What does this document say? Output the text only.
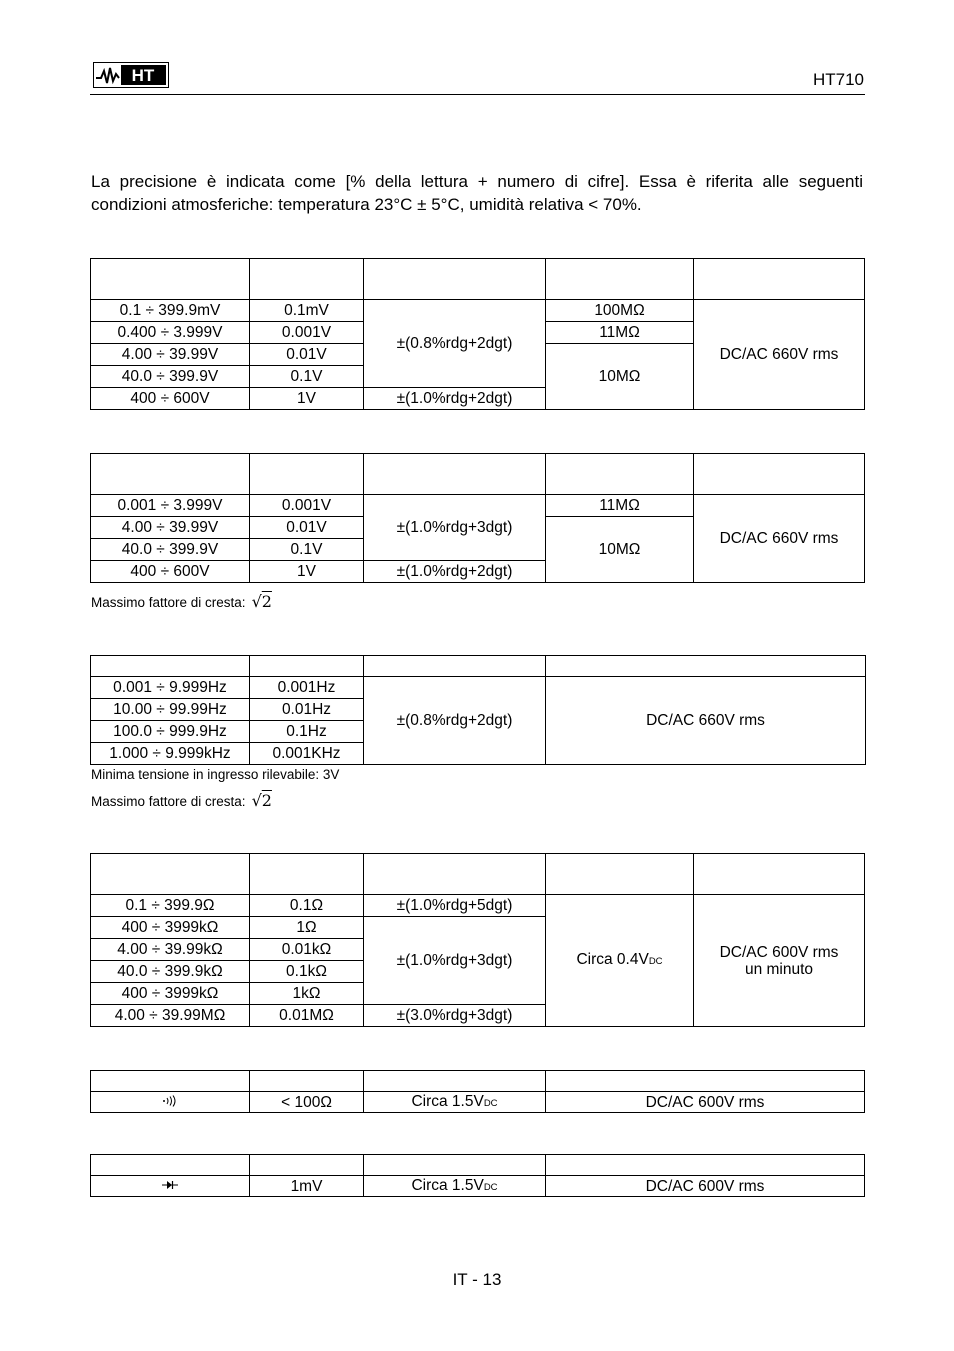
HT	HT710
La precisione è indicata come [% della lettura + numero di cifre]. Essa è riferita alle seguenti condizioni atmosferiche: temperatura 23°C ± 5°C, umidità relativa < 70%.

0.1 ÷ 399.9mV	0.1mV	±(0.8%rdg+2dgt)	100MΩ	DC/AC 660V rms
0.400 ÷ 3.999V	0.001V		11MΩ	
4.00 ÷ 39.99V	0.01V		10MΩ	
40.0 ÷ 399.9V	0.1V			
400 ÷ 600V	1V	±(1.0%rdg+2dgt)		

0.001 ÷ 3.999V	0.001V	±(1.0%rdg+3dgt)	11MΩ	DC/AC 660V rms
4.00 ÷ 39.99V	0.01V		10MΩ	
40.0 ÷ 399.9V	0.1V			
400 ÷ 600V	1V	±(1.0%rdg+2dgt)		
Massimo fattore di cresta: √2

0.001 ÷ 9.999Hz	0.001Hz	±(0.8%rdg+2dgt)	DC/AC 660V rms
10.00 ÷ 99.99Hz	0.01Hz		
100.0 ÷ 999.9Hz	0.1Hz		
1.000 ÷ 9.999kHz	0.001KHz		
Minima tensione in ingresso rilevabile: 3V
Massimo fattore di cresta: √2

0.1 ÷ 399.9Ω	0.1Ω	±(1.0%rdg+5dgt)	Circa 0.4VDC	DC/AC 600V rms
un minuto
400 ÷ 3999kΩ	1Ω	±(1.0%rdg+3dgt)		
4.00 ÷ 39.99kΩ	0.01kΩ			
40.0 ÷ 399.9kΩ	0.1kΩ			
400 ÷ 3999kΩ	1kΩ			
4.00 ÷ 39.99MΩ	0.01MΩ	±(3.0%rdg+3dgt)		

	< 100Ω	Circa 1.5VDC	DC/AC 600V rms

	1mV	Circa 1.5VDC	DC/AC 600V rms
IT - 13
